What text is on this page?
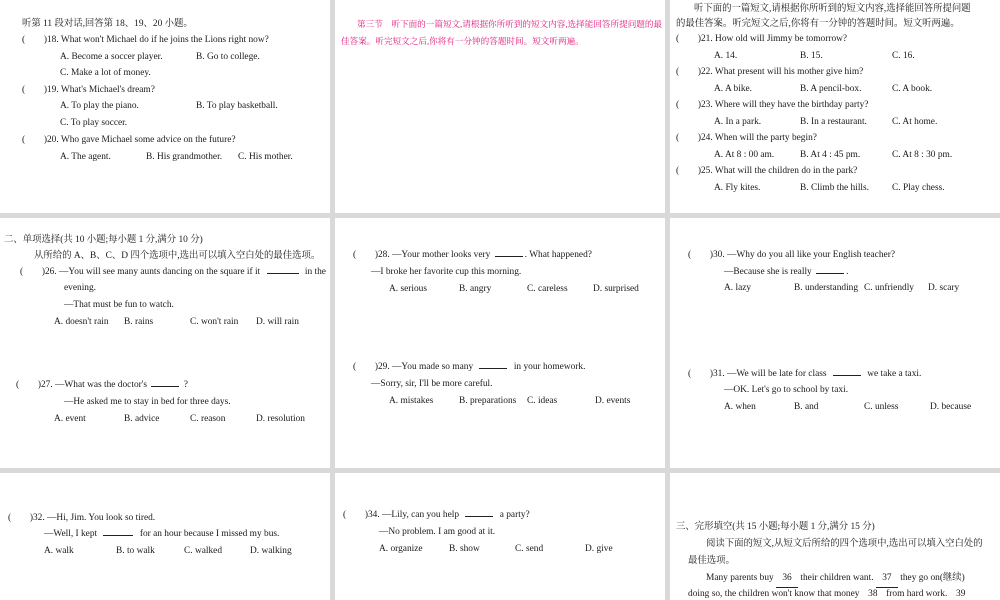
听第 11 段对话,回答第 18、19、20 小题。
(　　)18. What won't Michael do if he joins the Lions right now?
A. Become a soccer player.	B. Go to college.
C. Make a lot of money.
(　　)19. What's Michael's dream?
A. To play the piano.	B. To play basketball.
C. To play soccer.
(　　)20. Who gave Michael some advice on the future?
A. The agent.	B. His grandmother. C. His mother.
第三节　听下面的一篇短文,请根据你所听到的短文内容,选择能回答所提问题的最
佳答案。听完短文之后,你将有一分钟的答题时间。短文听两遍。
听下面的一篇短文,请根据你所听到的短文内容,选择能回答所提问题
的最佳答案。听完短文之后,你将有一分钟的答题时间。短文听两遍。
(　　)21. How old will Jimmy be tomorrow?
A. 14.	B. 15.	C. 16.
(　　)22. What present will his mother give him?
A. A bike.	B. A pencil-box.	C. A book.
(　　)23. Where will they have the birthday party?
A. In a park.	B. In a restaurant.	C. At home.
(　　)24. When will the party begin?
A. At 8 : 00 am.	B. At 4 : 45 pm.	C. At 8 : 30 pm.
(　　)25. What will the children do in the park?
A. Fly kites.	B. Climb the hills. C. Play chess.
二、单项选择(共 10 小题;每小题 1 分,满分 10 分)
从所给的 A、B、C、D 四个选项中,选出可以填入空白处的最佳选项。
(　　)26. —You will see many aunts dancing on the square if it	in the
evening.
—That must be fun to watch.
A. doesn't rain B. rains	C. won't rain D. will rain
(　　)27. —What was the doctor's	?
—He asked me to stay in bed for three days.
A. event	B. advice	C. reason	D. resolution
(　　)28. —Your mother looks very	. What happened?
—I broke her favorite cup this morning.
A. serious	B. angry	C. careless	D. surprised
(　　)29. —You made so many	in your homework.
—Sorry, sir, I'll be more careful.
A. mistakes	B. preparations C. ideas	D. events
(　　)30. —Why do you all like your English teacher?
—Because she is really	.
A. lazy	B. understanding C. unfriendly D. scary
(　　)31. —We will be late for class	we take a taxi.
—OK. Let's go to school by taxi.
A. when	B. and	C. unless	D. because
(　　)32. —Hi, Jim. You look so tired.
—Well, I kept	for an hour because I missed my bus.
A. walk	B. to walk	C. walked	D. walking
(　　)34. —Lily, can you help	a party?
—No problem. I am good at it.
A. organize	B. show	C. send	D. give
三、完形填空(共 15 小题;每小题 1 分,满分 15 分)
阅读下面的短文,从短文后所给的四个选项中,选出可以填入空白处的
最佳选项。
Many parents buy 36 their children want. 37 they go on(继续)
doing so, the children won't know that money 38 from hard work. 39
